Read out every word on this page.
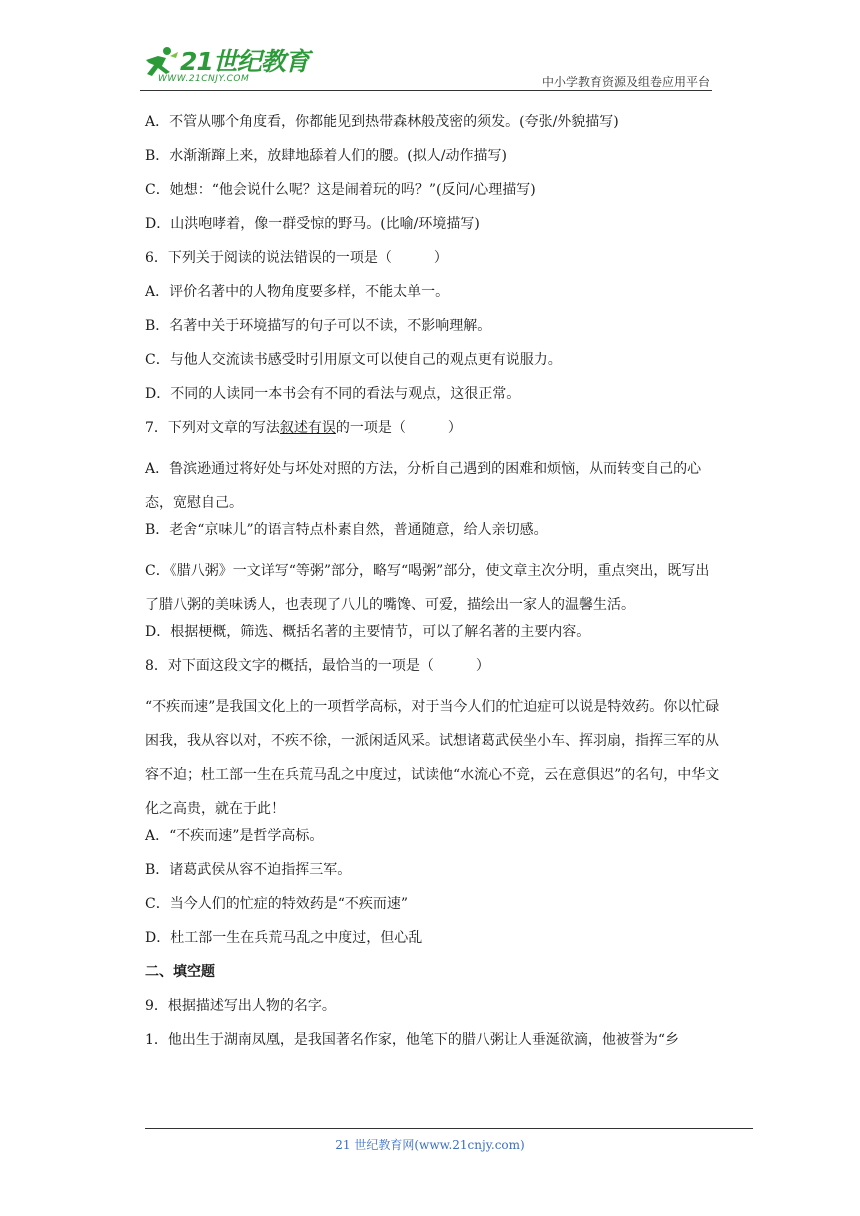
21世纪教育
WWW.21CNJY.COM	中小学教育资源及组卷应用平台
A．不管从哪个角度看，你都能见到热带森林般茂密的须发。(夸张/外貌描写)
B．水渐渐蹿上来，放肆地舔着人们的腰。(拟人/动作描写)
C．她想：“他会说什么呢？这是闹着玩的吗？”(反问/心理描写)
D．山洪咆哮着，像一群受惊的野马。(比喻/环境描写)
6．下列关于阅读的说法错误的一项是（　　　）
A．评价名著中的人物角度要多样，不能太单一。
B．名著中关于环境描写的句子可以不读，不影响理解。
C．与他人交流读书感受时引用原文可以使自己的观点更有说服力。
D．不同的人读同一本书会有不同的看法与观点，这很正常。
7．下列对文章的写法叙述有误的一项是（　　　）

A．鲁滨逊通过将好处与坏处对照的方法，分析自己遇到的困难和烦恼，从而转变自己的心态，宽慰自己。

B．老舍“京味儿”的语言特点朴素自然，普通随意，给人亲切感。

C．《腊八粥》一文详写“等粥”部分，略写“喝粥”部分，使文章主次分明，重点突出，既写出了腊八粥的美味诱人，也表现了八儿的嘴馋、可爱，描绘出一家人的温馨生活。

D．根据梗概，筛选、概括名著的主要情节，可以了解名著的主要内容。
8．对下面这段文字的概括，最恰当的一项是（　　　）

“不疾而速”是我国文化上的一项哲学高标，对于当今人们的忙迫症可以说是特效药。你以忙碌困我，我从容以对，不疾不徐，一派闲适风采。试想诸葛武侯坐小车、挥羽扇，指挥三军的从容不迫；杜工部一生在兵荒马乱之中度过，试读他“水流心不竞，云在意俱迟”的名句，中华文化之高贵，就在于此！

A．“不疾而速”是哲学高标。
B．诸葛武侯从容不迫指挥三军。
C．当今人们的忙症的特效药是“不疾而速”
D．杜工部一生在兵荒马乱之中度过，但心乱
二、填空题
9．根据描述写出人物的名字。
1．他出生于湖南凤凰，是我国著名作家，他笔下的腊八粥让人垂涎欲滴，他被誉为“乡
21 世纪教育网(www.21cnjy.com)
